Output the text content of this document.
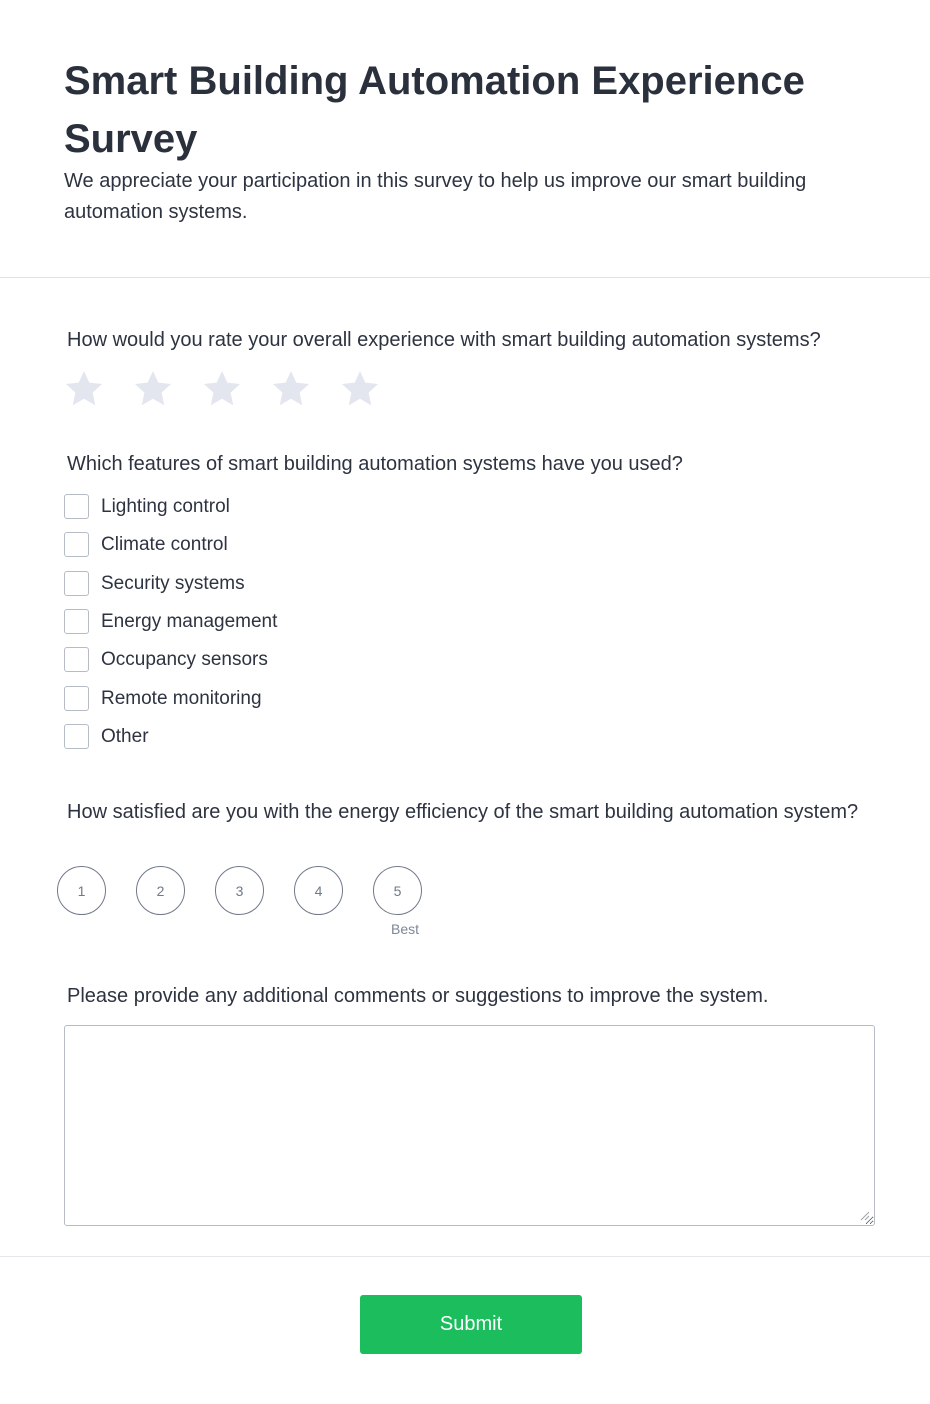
Smart Building Automation Experience Survey

We appreciate your participation in this survey to help us improve our smart building automation systems.

How would you rate your overall experience with smart building automation systems?
Which features of smart building automation systems have you used?
Lighting control
Climate control
Security systems
Energy management
Occupancy sensors
Remote monitoring
Other
How satisfied are you with the energy efficiency of the smart building automation system?
1	2	3	4	5
Best
Please provide any additional comments or suggestions to improve the system.
Submit
